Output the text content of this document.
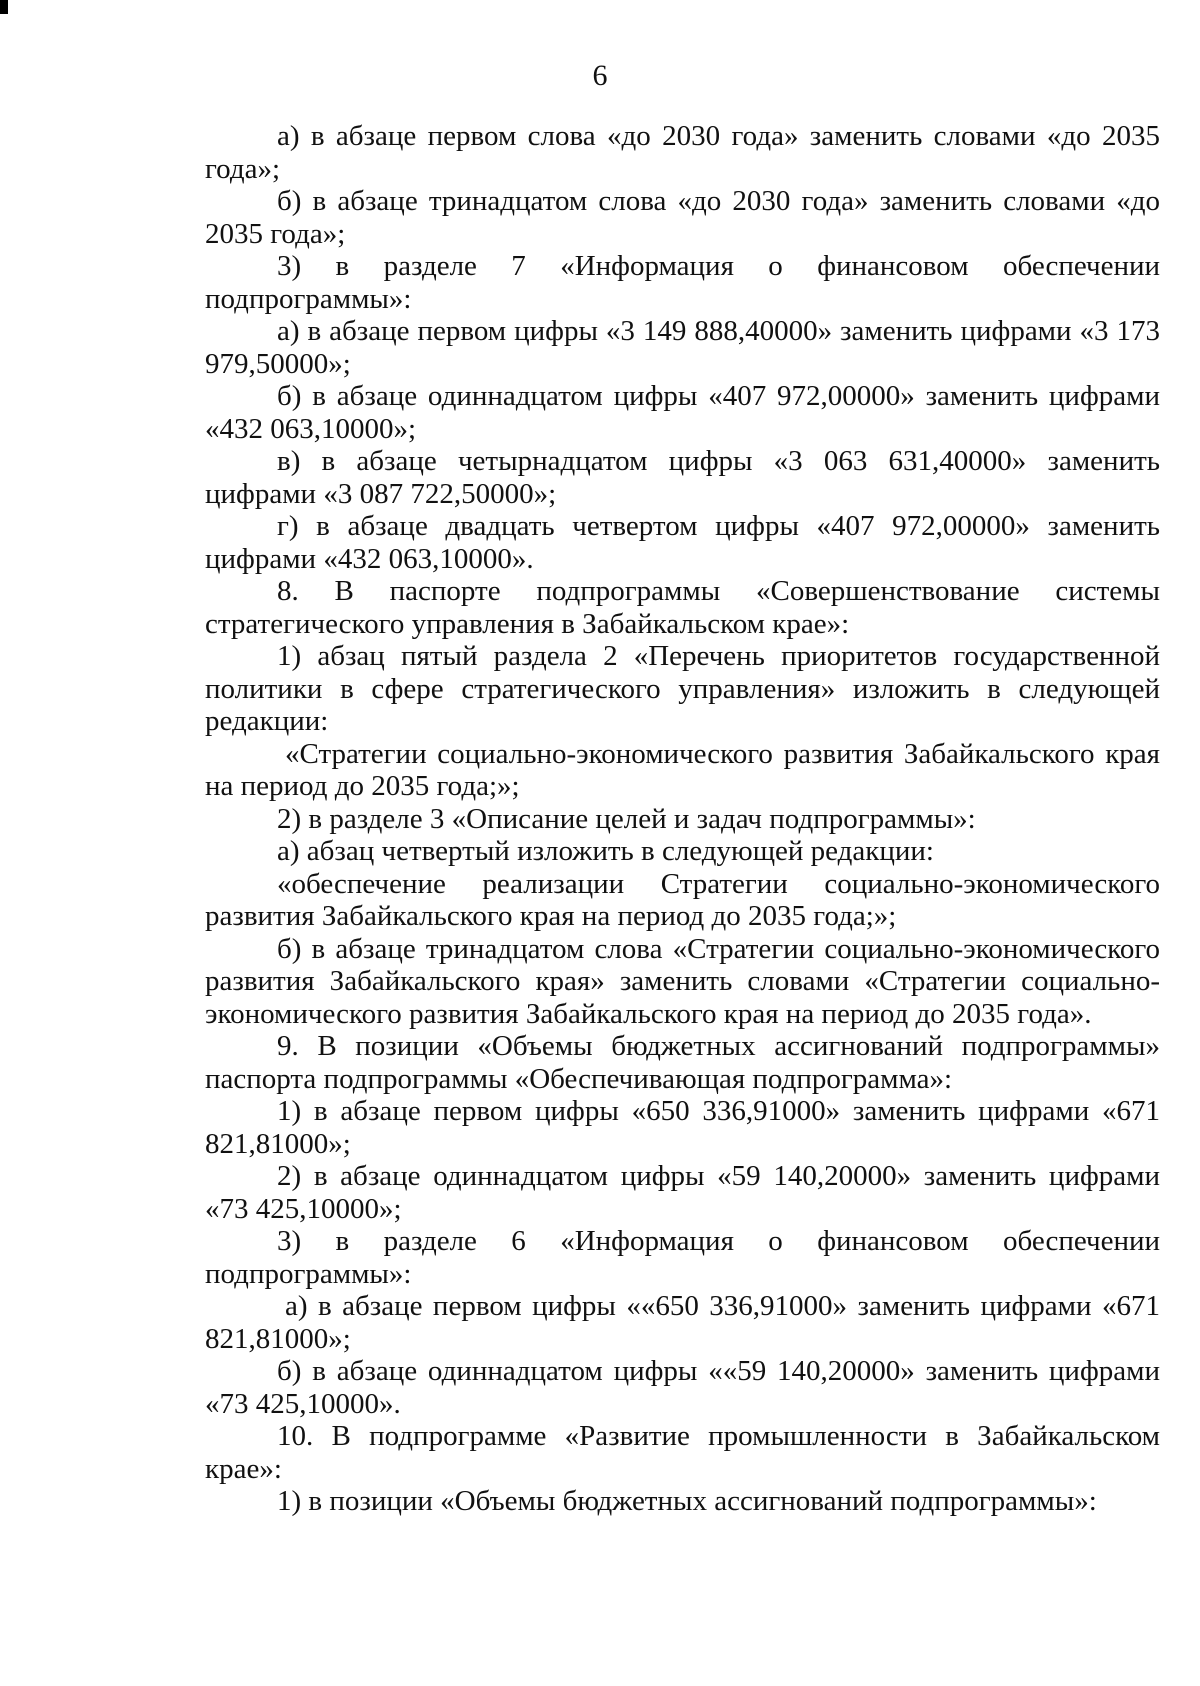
6

а) в абзаце первом слова «до 2030 года» заменить словами «до 2035 года»;

б) в абзаце тринадцатом слова «до 2030 года» заменить словами «до 2035 года»;

3) в разделе 7 «Информация о финансовом обеспечении подпрограммы»:

а) в абзаце первом цифры «3 149 888,40000» заменить цифрами «3 173 979,50000»;

б) в абзаце одиннадцатом цифры «407 972,00000» заменить цифрами «432 063,10000»;

в) в абзаце четырнадцатом цифры «3 063 631,40000» заменить цифрами «3 087 722,50000»;

г) в абзаце двадцать четвертом цифры «407 972,00000» заменить цифрами «432 063,10000».

8. В паспорте подпрограммы «Совершенствование системы стратегического управления в Забайкальском крае»:

1) абзац пятый раздела 2 «Перечень приоритетов государственной политики в сфере стратегического управления» изложить в следующей редакции:

«Стратегии социально-экономического развития Забайкальского края на период до 2035 года;»;

2) в разделе 3 «Описание целей и задач подпрограммы»:

а) абзац четвертый изложить в следующей редакции:

«обеспечение реализации Стратегии социально-экономического развития Забайкальского края на период до 2035 года;»;

б) в абзаце тринадцатом слова «Стратегии социально-экономического развития Забайкальского края» заменить словами «Стратегии социально-экономического развития Забайкальского края на период до 2035 года».

9. В позиции «Объемы бюджетных ассигнований подпрограммы» паспорта подпрограммы «Обеспечивающая подпрограмма»:

1) в абзаце первом цифры «650 336,91000» заменить цифрами «671 821,81000»;

2) в абзаце одиннадцатом цифры «59 140,20000» заменить цифрами «73 425,10000»;

3) в разделе 6 «Информация о финансовом обеспечении подпрограммы»:

а) в абзаце первом цифры ««650 336,91000» заменить цифрами «671 821,81000»;

б) в абзаце одиннадцатом цифры ««59 140,20000» заменить цифрами «73 425,10000».

10. В подпрограмме «Развитие промышленности в Забайкальском крае»:

1) в позиции «Объемы бюджетных ассигнований подпрограммы»:
